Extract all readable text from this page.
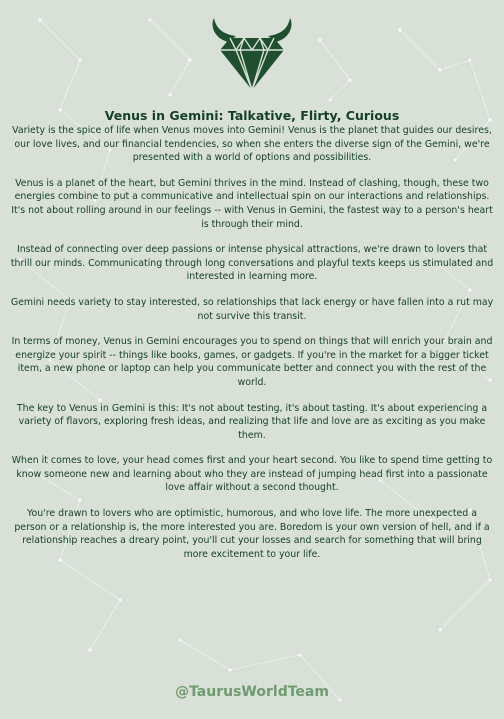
Venus in Gemini: Talkative, Flirty, Curious

Variety is the spice of life when Venus moves into Gemini! Venus is the planet that guides our desires, our love lives, and our financial tendencies, so when she enters the diverse sign of the Gemini, we're presented with a world of options and possibilities.

Venus is a planet of the heart, but Gemini thrives in the mind. Instead of clashing, though, these two energies combine to put a communicative and intellectual spin on our interactions and relationships. It's not about rolling around in our feelings -- with Venus in Gemini, the fastest way to a person's heart is through their mind.

Instead of connecting over deep passions or intense physical attractions, we're drawn to lovers that thrill our minds. Communicating through long conversations and playful texts keeps us stimulated and interested in learning more.

Gemini needs variety to stay interested, so relationships that lack energy or have fallen into a rut may not survive this transit.

In terms of money, Venus in Gemini encourages you to spend on things that will enrich your brain and energize your spirit -- things like books, games, or gadgets. If you're in the market for a bigger ticket item, a new phone or laptop can help you communicate better and connect you with the rest of the world.

The key to Venus in Gemini is this: It's not about testing, it's about tasting. It's about experiencing a variety of flavors, exploring fresh ideas, and realizing that life and love are as exciting as you make them.

When it comes to love, your head comes first and your heart second. You like to spend time getting to know someone new and learning about who they are instead of jumping head first into a passionate love affair without a second thought.

You're drawn to lovers who are optimistic, humorous, and who love life. The more unexpected a person or a relationship is, the more interested you are. Boredom is your own version of hell, and if a relationship reaches a dreary point, you'll cut your losses and search for something that will bring more excitement to your life.

@TaurusWorldTeam
